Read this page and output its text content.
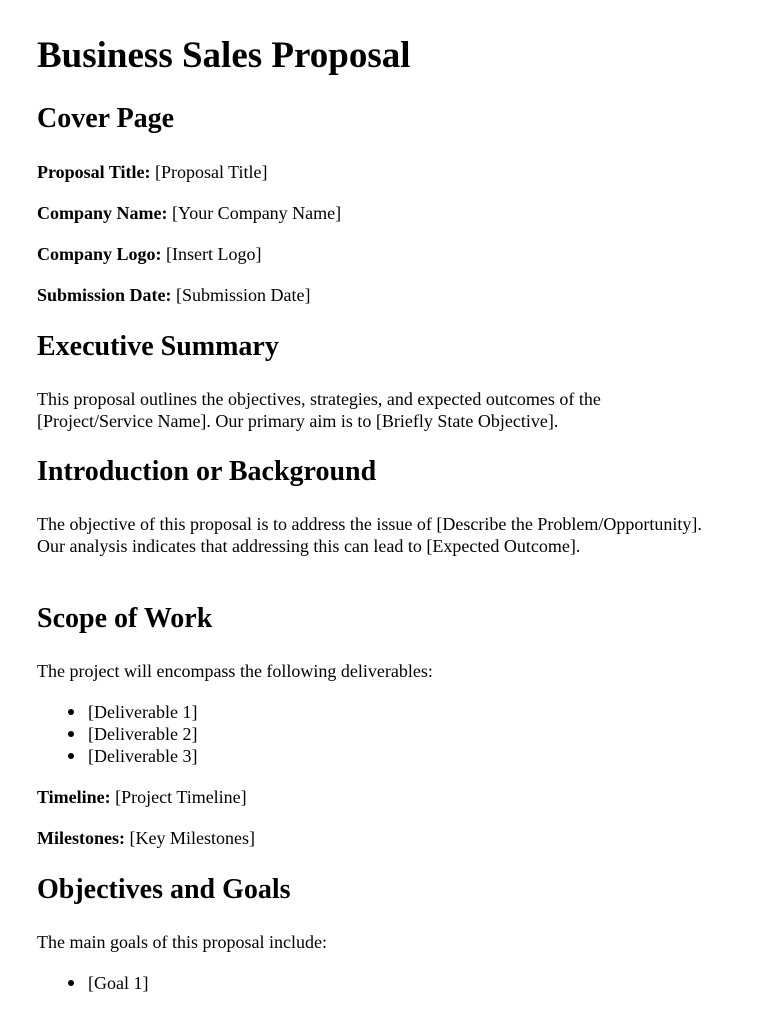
Business Sales Proposal
Cover Page

Proposal Title: [Proposal Title]

Company Name: [Your Company Name]

Company Logo: [Insert Logo]

Submission Date: [Submission Date]

Executive Summary

This proposal outlines the objectives, strategies, and expected outcomes of the [Project/Service Name]. Our primary aim is to [Briefly State Objective].

Introduction or Background

The objective of this proposal is to address the issue of [Describe the Problem/Opportunity]. Our analysis indicates that addressing this can lead to [Expected Outcome].

Scope of Work

The project will encompass the following deliverables:

[Deliverable 1]
[Deliverable 2]
[Deliverable 3]

Timeline: [Project Timeline]

Milestones: [Key Milestones]

Objectives and Goals

The main goals of this proposal include:

[Goal 1]
